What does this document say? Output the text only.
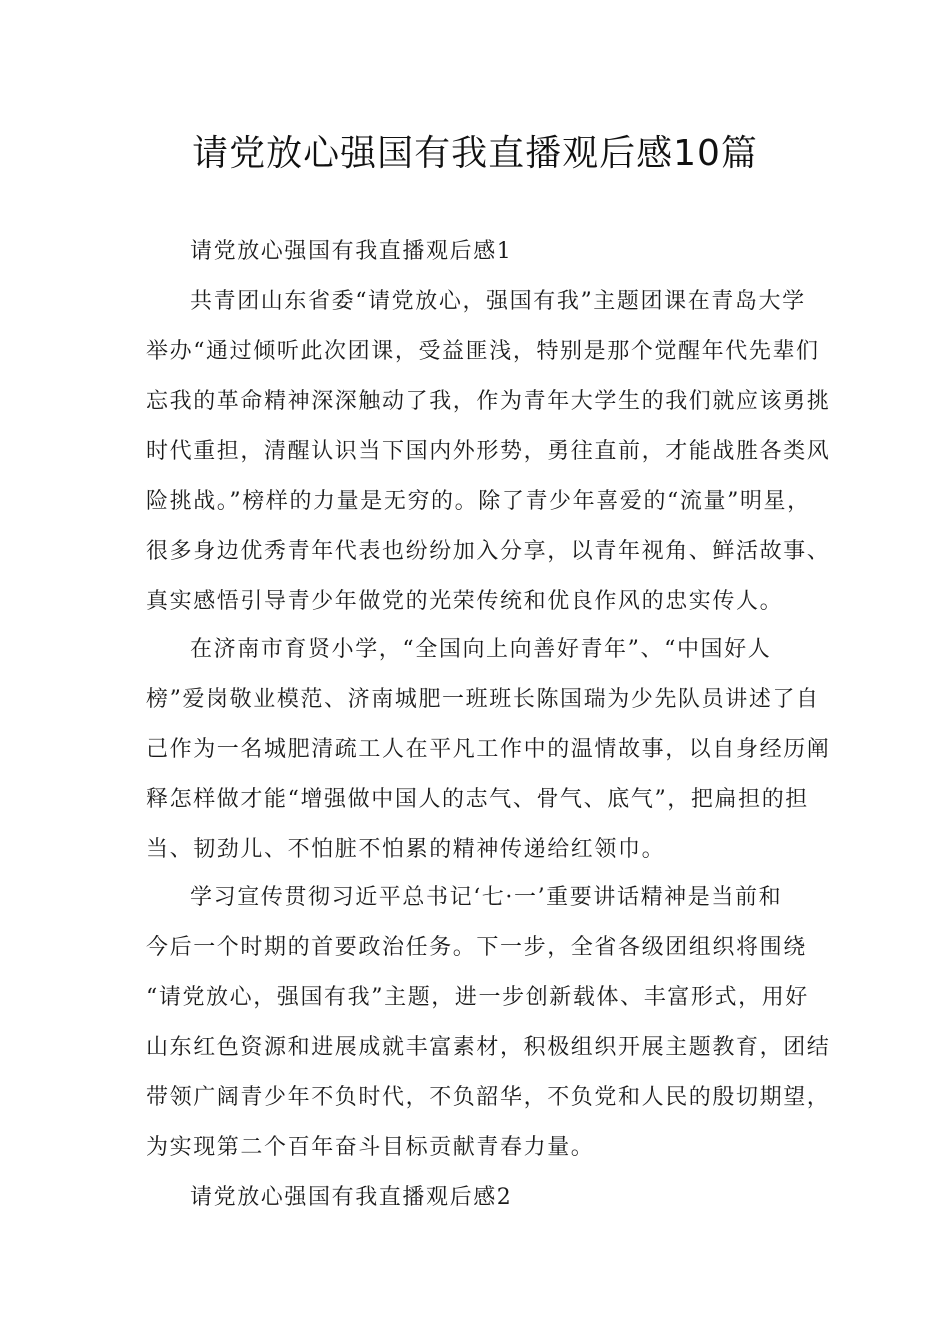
请党放心强国有我直播观后感10篇

请党放心强国有我直播观后感1

共青团山东省委“请党放心，强国有我”主题团课在青岛大学

举办“通过倾听此次团课，受益匪浅，特别是那个觉醒年代先辈们

忘我的革命精神深深触动了我，作为青年大学生的我们就应该勇挑

时代重担，清醒认识当下国内外形势，勇往直前，才能战胜各类风

险挑战。”榜样的力量是无穷的。除了青少年喜爱的“流量”明星，

很多身边优秀青年代表也纷纷加入分享，以青年视角、鲜活故事、

真实感悟引导青少年做党的光荣传统和优良作风的忠实传人。

在济南市育贤小学，“全国向上向善好青年”、“中国好人

榜”爱岗敬业模范、济南城肥一班班长陈国瑞为少先队员讲述了自

己作为一名城肥清疏工人在平凡工作中的温情故事，以自身经历阐

释怎样做才能“增强做中国人的志气、骨气、底气”，把扁担的担

当、韧劲儿、不怕脏不怕累的精神传递给红领巾。

学习宣传贯彻习近平总书记‘七·一’重要讲话精神是当前和

今后一个时期的首要政治任务。下一步，全省各级团组织将围绕

“请党放心，强国有我”主题，进一步创新载体、丰富形式，用好

山东红色资源和进展成就丰富素材，积极组织开展主题教育，团结

带领广阔青少年不负时代，不负韶华，不负党和人民的殷切期望，

为实现第二个百年奋斗目标贡献青春力量。

请党放心强国有我直播观后感2
